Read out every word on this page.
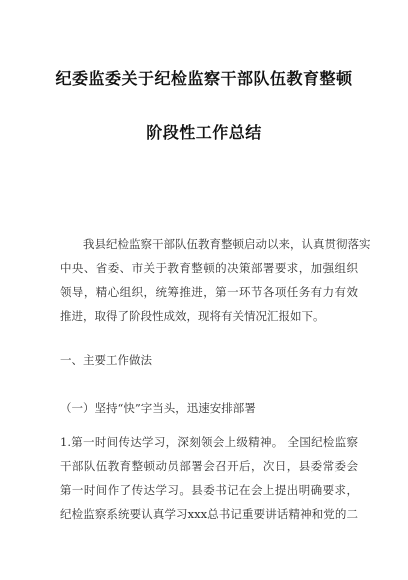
纪委监委关于纪检监察干部队伍教育整顿
阶段性工作总结
我县纪检监察干部队伍教育整顿启动以来，认真贯彻落实
中央、省委、市关于教育整顿的决策部署要求，加强组织
领导，精心组织，统筹推进，第一环节各项任务有力有效
推进，取得了阶段性成效，现将有关情况汇报如下。
一、主要工作做法
（一）坚持“快”字当头，迅速安排部署
1.第一时间传达学习，深刻领会上级精神。 全国纪检监察
干部队伍教育整顿动员部署会召开后，次日，县委常委会
第一时间作了传达学习。县委书记在会上提出明确要求，
纪检监察系统要认真学习xxx总书记重要讲话精神和党的二
